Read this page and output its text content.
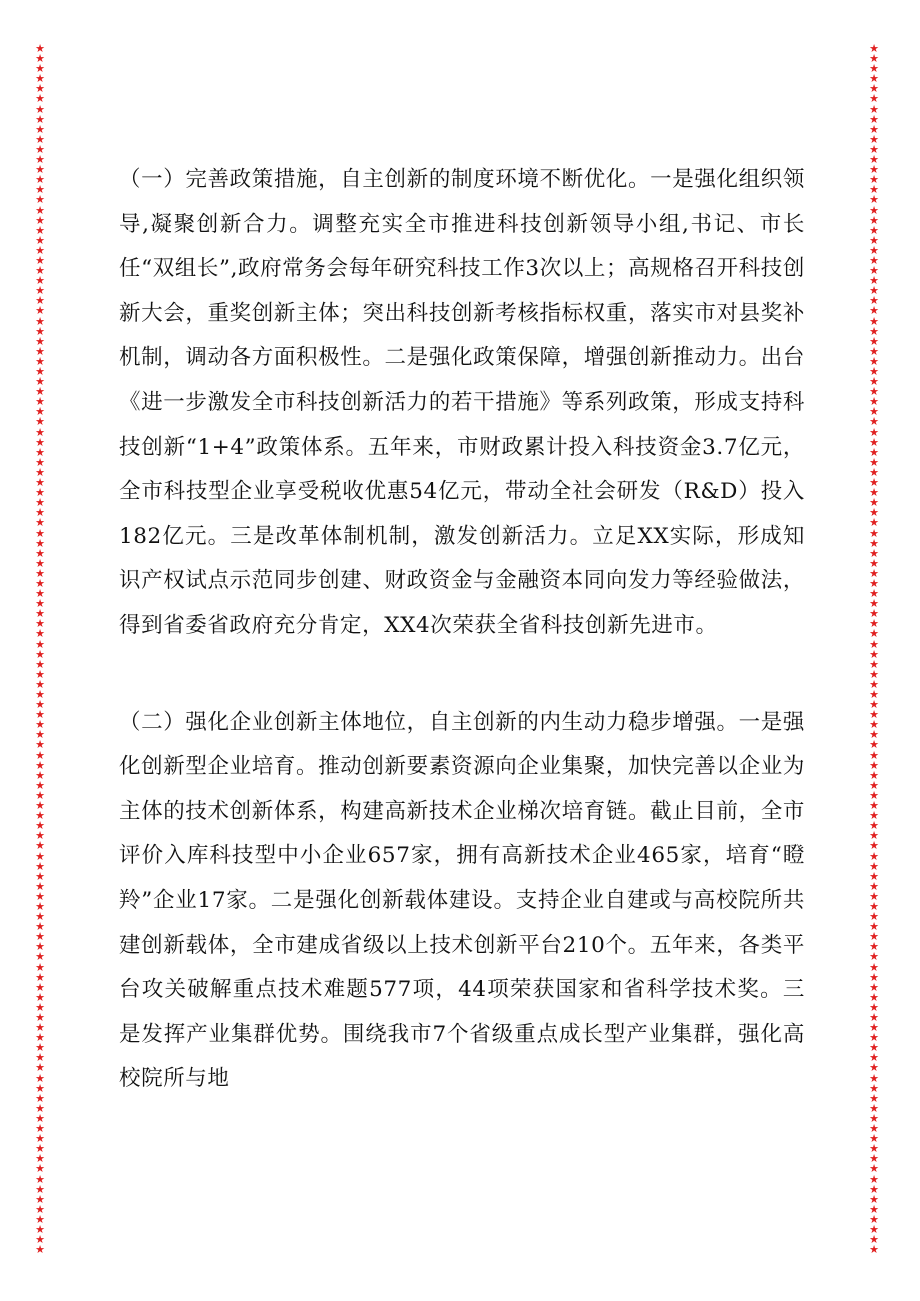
★★★★★★★★★★★★★★★★★★★★★★★★★★★★★★★★★★★★★★★★★★★★★★★★★★★★★★★★★★★★★★★★★★★★★★★★★★★★★★★★★★★★★★★★★★★★★★★★★★★★★★★★★★★★★★★★★★★★★★★★
★★★★★★★★★★★★★★★★★★★★★★★★★★★★★★★★★★★★★★★★★★★★★★★★★★★★★★★★★★★★★★★★★★★★★★★★★★★★★★★★★★★★★★★★★★★★★★★★★★★★★★★★★★★★★★★★★★★★★★★★

（一）完善政策措施，自主创新的制度环境不断优化。一是强化组织领导,凝聚创新合力。调整充实全市推进科技创新领导小组,书记、市长任“双组长”,政府常务会每年研究科技工作3次以上；高规格召开科技创新大会，重奖创新主体；突出科技创新考核指标权重，落实市对县奖补机制，调动各方面积极性。二是强化政策保障，增强创新推动力。出台《进一步激发全市科技创新活力的若干措施》等系列政策，形成支持科技创新“1+4”政策体系。五年来，市财政累计投入科技资金3.7亿元，全市科技型企业享受税收优惠54亿元，带动全社会研发（R&D）投入182亿元。三是改革体制机制，激发创新活力。立足XX实际，形成知识产权试点示范同步创建、财政资金与金融资本同向发力等经验做法，得到省委省政府充分肯定，XX4次荣获全省科技创新先进市。

（二）强化企业创新主体地位，自主创新的内生动力稳步增强。一是强化创新型企业培育。推动创新要素资源向企业集聚，加快完善以企业为主体的技术创新体系，构建高新技术企业梯次培育链。截止目前，全市评价入库科技型中小企业657家，拥有高新技术企业465家，培育“瞪羚”企业17家。二是强化创新载体建设。支持企业自建或与高校院所共建创新载体，全市建成省级以上技术创新平台210个。五年来，各类平台攻关破解重点技术难题577项，44项荣获国家和省科学技术奖。三是发挥产业集群优势。围绕我市7个省级重点成长型产业集群，强化高校院所与地
